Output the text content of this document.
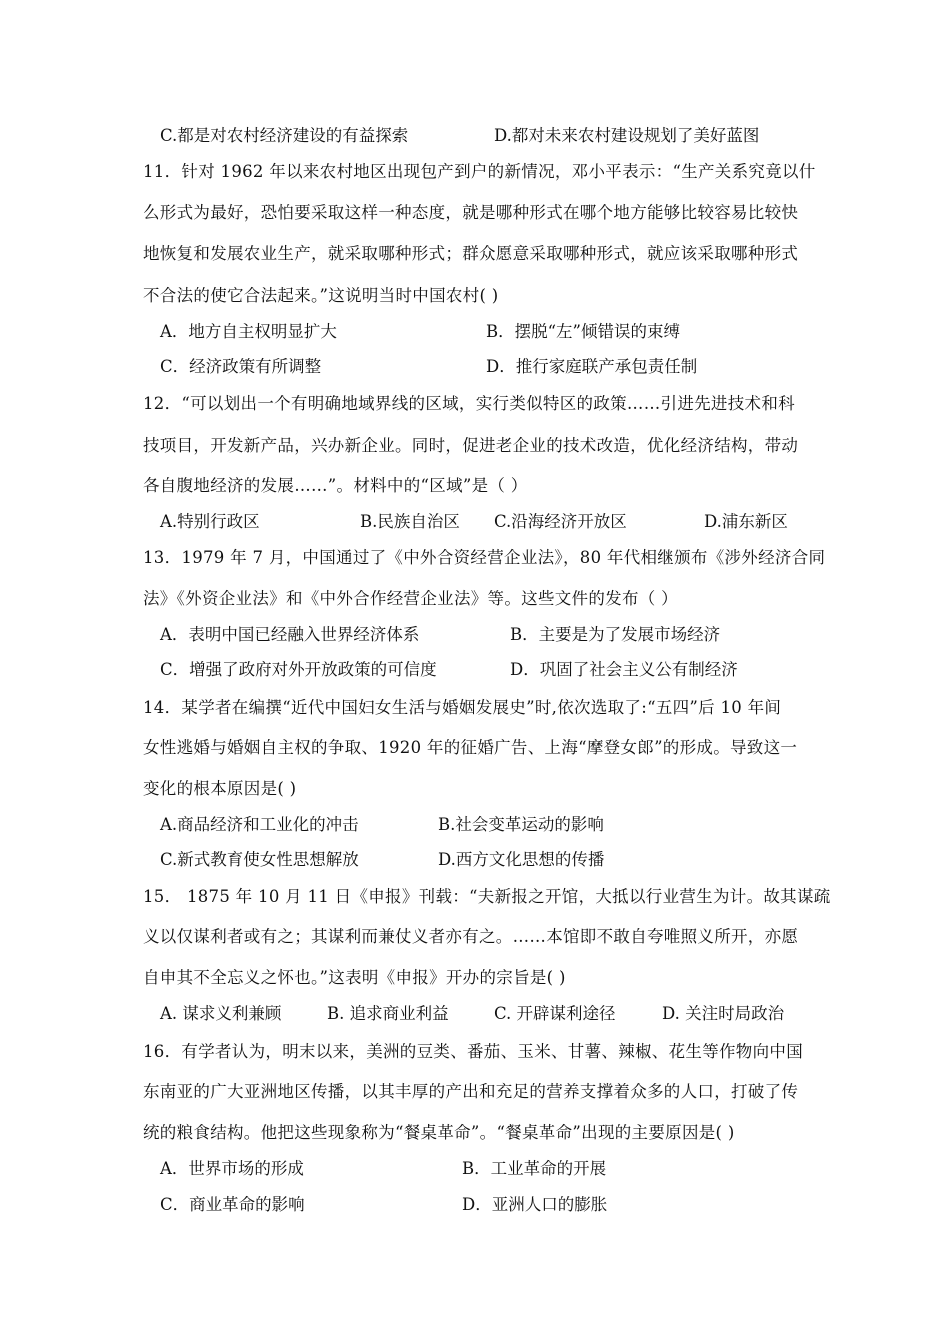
C.都是对农村经济建设的有益探索	D.都对未来农村建设规划了美好蓝图
11．针对 1962 年以来农村地区出现包产到户的新情况，邓小平表示：“生产关系究竟以什
么形式为最好，恐怕要采取这样一种态度，就是哪种形式在哪个地方能够比较容易比较快
地恢复和发展农业生产，就采取哪种形式；群众愿意采取哪种形式，就应该采取哪种形式
不合法的使它合法起来。”这说明当时中国农村( )
A．地方自主权明显扩大	B．摆脱“左”倾错误的束缚
C．经济政策有所调整	D．推行家庭联产承包责任制
12．“可以划出一个有明确地域界线的区域，实行类似特区的政策……引进先进技术和科
技项目，开发新产品，兴办新企业。同时，促进老企业的技术改造，优化经济结构，带动
各自腹地经济的发展……”。材料中的“区域”是（ ）
A.特别行政区	B.民族自治区 C.沿海经济开放区	D.浦东新区
13．1979 年 7 月，中国通过了《中外合资经营企业法》，80 年代相继颁布《涉外经济合同
法》《外资企业法》和《中外合作经营企业法》等。这些文件的发布（ ）
A．表明中国已经融入世界经济体系	B．主要是为了发展市场经济
C．增强了政府对外开放政策的可信度	D．巩固了社会主义公有制经济
14．某学者在编撰“近代中国妇女生活与婚姻发展史”时,依次选取了:“五四”后 10 年间
女性逃婚与婚姻自主权的争取、1920 年的征婚广告、上海“摩登女郎”的形成。导致这一
变化的根本原因是( )
A.商品经济和工业化的冲击	B.社会变革运动的影响
C.新式教育使女性思想解放	D.西方文化思想的传播
15． 1875 年 10 月 11 日《申报》刊载：“夫新报之开馆，大抵以行业营生为计。故其谋疏
义以仅谋利者或有之；其谋利而兼仗义者亦有之。……本馆即不敢自夸唯照义所开，亦愿
自申其不全忘义之怀也。”这表明《申报》开办的宗旨是( )
A. 谋求义利兼顾	B. 追求商业利益	C. 开辟谋利途径	D. 关注时局政治
16．有学者认为，明末以来，美洲的豆类、番茄、玉米、甘薯、辣椒、花生等作物向中国
东南亚的广大亚洲地区传播，以其丰厚的产出和充足的营养支撑着众多的人口，打破了传
统的粮食结构。他把这些现象称为“餐桌革命”。“餐桌革命”出现的主要原因是( )
A．世界市场的形成	B．工业革命的开展
C．商业革命的影响	D．亚洲人口的膨胀
